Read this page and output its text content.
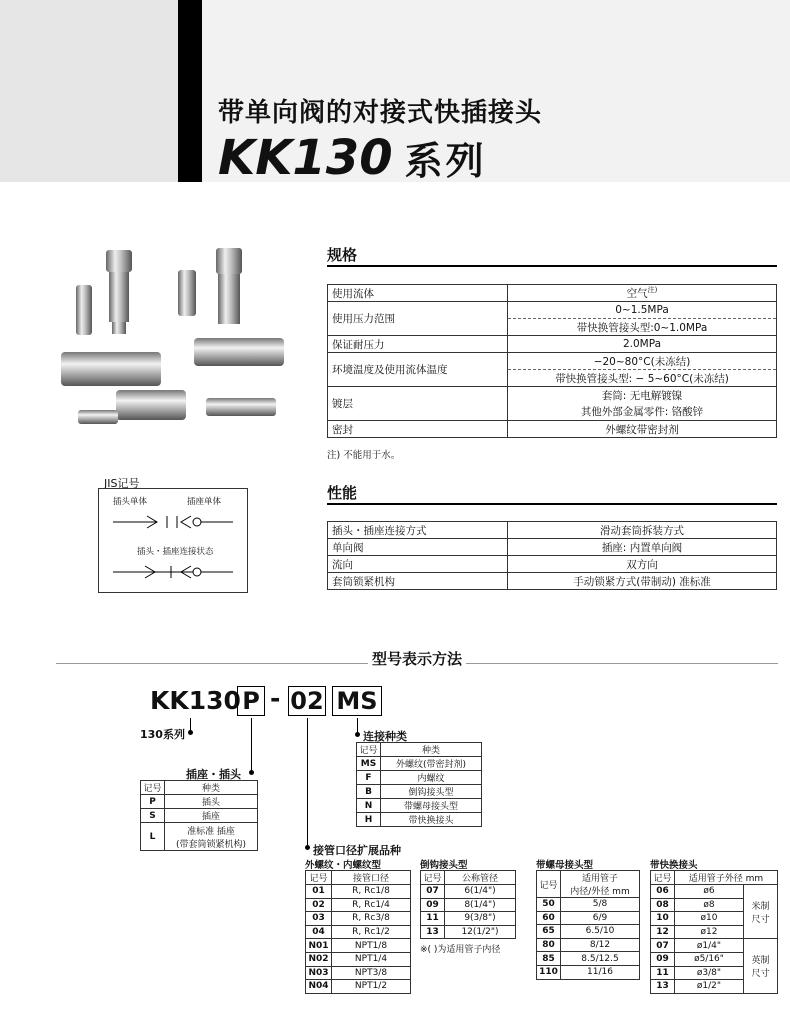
带单向阀的对接式快插接头
KK130 系列
JIS记号
插头单体	插座单体
插头・插座连接状态
规格
使用流体	空气$^{注)}$
使用压力范围	0~1.5MPa
	带快换管接头型:0~1.0MPa
保证耐压力	2.0MPa
环境温度及使用流体温度	−20~80°C(未冻结)
	带快换管接头型: − 5~60°C(未冻结)
镀层	套筒: 无电解镀镍
	其他外部金属零件: 铬酸锌
密封	外螺纹带密封剂
注) 不能用于水。
性能
插头・插座连接方式	滑动套筒拆装方式
单向阀	插座: 内置单向阀
流向	双方向
套筒锁紧机构	手动锁紧方式(带制动) 准标准
型号表示方法
KK130 P - 02 MS
130系列
插座・插头
接管口径扩展品种
连接种类
记号	种类
P	插头
S	插座
L	准标准 插座
(带套筒锁紧机构)
记号	种类
MS	外螺纹(带密封剂)
F	内螺纹
B	倒钩接头型
N	带螺母接头型
H	带快换接头
外螺纹・内螺纹型
记号	接管口径
01	R, Rc1/8
02	R, Rc1/4
03	R, Rc3/8
04	R, Rc1/2
N01	NPT1/8
N02	NPT1/4
N03	NPT3/8
N04	NPT1/2
倒钩接头型
记号	公称管径
07	6(1/4")
09	8(1/4")
11	9(3/8")
13	12(1/2")
※( )为适用管子内径
带螺母接头型
记号	适用管子
内径/外径 mm

50	5/8
60	6/9
65	6.5/10
80	8/12
85	8.5/12.5
110	11/16
带快换接头
记号	适用管子外径 mm	
06	ø6	米制
尺寸

08	ø8	
10	ø10	
12	ø12	
07	ø1/4"	英制
尺寸

09	ø5/16"	
11	ø3/8"	
13	ø1/2"	
